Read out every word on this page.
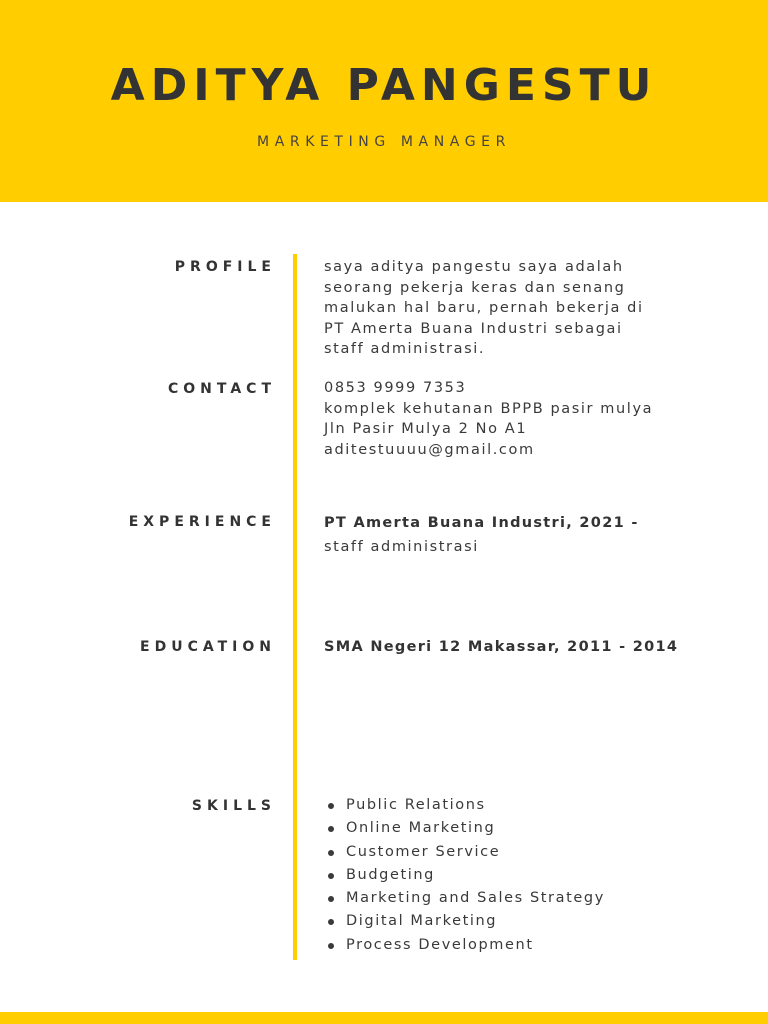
ADITYA PANGESTU
MARKETING MANAGER
PROFILE	saya aditya pangestu saya adalah
seorang pekerja keras dan senang
malukan hal baru, pernah bekerja di
PT Amerta Buana Industri sebagai
staff administrasi.
CONTACT	0853 9999 7353
komplek kehutanan BPPB pasir mulya
Jln Pasir Mulya 2 No A1
aditestuuuu@gmail.com
EXPERIENCE	PT Amerta Buana Industri, 2021 -
staff administrasi
EDUCATION	SMA Negeri 12 Makassar, 2011 - 2014
SKILLS	Public Relations
Online Marketing
Customer Service
Budgeting
Marketing and Sales Strategy
Digital Marketing
Process Development
